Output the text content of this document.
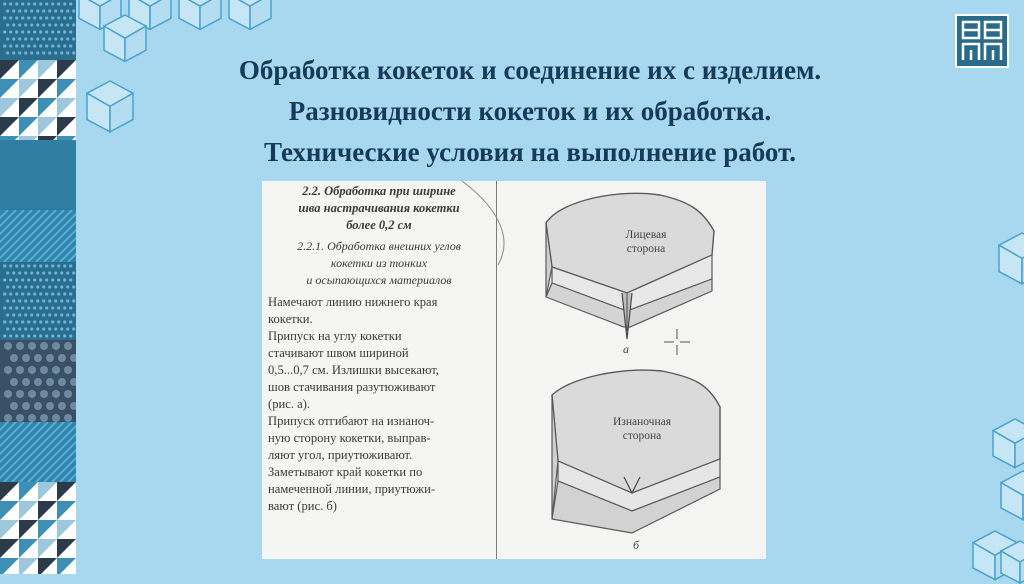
Обработка кокеток и соединение их с изделием.
Разновидности кокеток и их обработка.
Технические условия на выполнение работ.
2.2. Обработка при ширине
шва настрачивания кокетки
более 0,2 см
2.2.1. Обработка внешних углов
кокетки из тонких
и осыпающихся материалов
Намечают линию нижнего края
кокетки.
Припуск на углу кокетки
стачивают швом шириной
0,5...0,7 см. Излишки высекают,
шов стачивания разутюживают
(рис. а).
Припуск отгибают на изнаноч-
ную сторону кокетки, выправ-
ляют угол, приутюживают.
Заметывают край кокетки по
намеченной линии, приутюжи-
вают (рис. б)
Лицевая
сторона
а
Изнаночная
сторона
б
